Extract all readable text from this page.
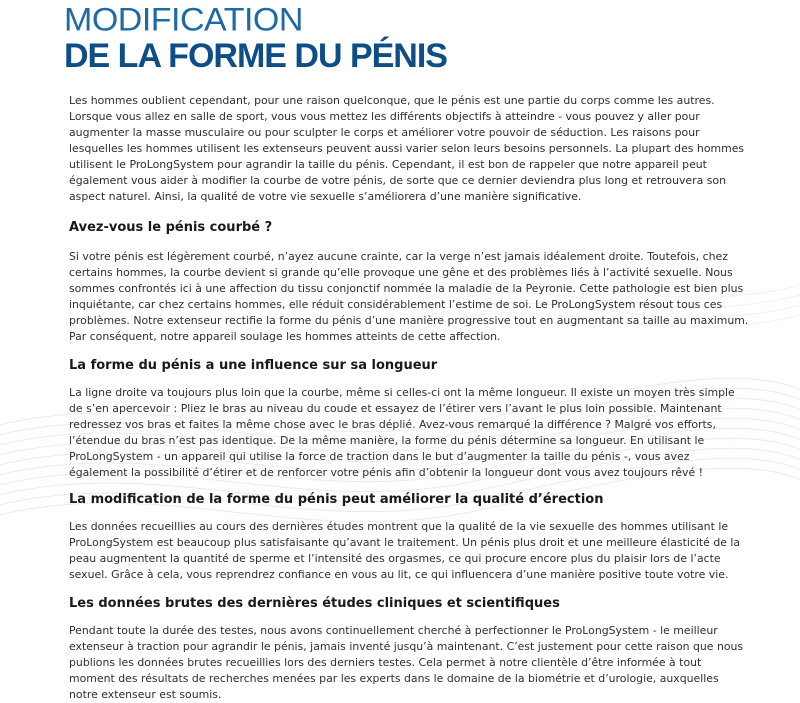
MODIFICATION
DE LA FORME DU PÉNIS

Les hommes oublient cependant, pour une raison quelconque, que le pénis est une partie du corps comme les autres. Lorsque vous allez en salle de sport, vous vous mettez les différents objectifs à atteindre - vous pouvez y aller pour augmenter la masse musculaire ou pour sculpter le corps et améliorer votre pouvoir de séduction. Les raisons pour lesquelles les hommes utilisent les extenseurs peuvent aussi varier selon leurs besoins personnels. La plupart des hommes utilisent le ProLongSystem pour agrandir la taille du pénis. Cependant, il est bon de rappeler que notre appareil peut également vous aider à modifier la courbe de votre pénis, de sorte que ce dernier deviendra plus long et retrouvera son aspect naturel. Ainsi, la qualité de votre vie sexuelle s’améliorera d’une manière significative.

Avez-vous le pénis courbé ?

Si votre pénis est légèrement courbé, n’ayez aucune crainte, car la verge n’est jamais idéalement droite. Toutefois, chez certains hommes, la courbe devient si grande qu’elle provoque une gêne et des problèmes liés à l’activité sexuelle. Nous sommes confrontés ici à une affection du tissu conjonctif nommée la maladie de la Peyronie. Cette pathologie est bien plus inquiétante, car chez certains hommes, elle réduit considérablement l’estime de soi. Le ProLongSystem résout tous ces problèmes. Notre extenseur rectifie la forme du pénis d’une manière progressive tout en augmentant sa taille au maximum. Par conséquent, notre appareil soulage les hommes atteints de cette affection.

La forme du pénis a une influence sur sa longueur

La ligne droite va toujours plus loin que la courbe, même si celles-ci ont la même longueur. Il existe un moyen très simple de s’en apercevoir : Pliez le bras au niveau du coude et essayez de l’étirer vers l’avant le plus loin possible. Maintenant redressez vos bras et faites la même chose avec le bras déplié. Avez-vous remarqué la différence ? Malgré vos efforts, l’étendue du bras n’est pas identique. De la même manière, la forme du pénis détermine sa longueur. En utilisant le ProLongSystem - un appareil qui utilise la force de traction dans le but d’augmenter la taille du pénis -, vous avez également la possibilité d’étirer et de renforcer votre pénis afin d’obtenir la longueur dont vous avez toujours rêvé !

La modification de la forme du pénis peut améliorer la qualité d’érection

Les données recueillies au cours des dernières études montrent que la qualité de la vie sexuelle des hommes utilisant le ProLongSystem est beaucoup plus satisfaisante qu’avant le traitement. Un pénis plus droit et une meilleure élasticité de la peau augmentent la quantité de sperme et l’intensité des orgasmes, ce qui procure encore plus du plaisir lors de l’acte sexuel. Grâce à cela, vous reprendrez confiance en vous au lit, ce qui influencera d’une manière positive toute votre vie.

Les données brutes des dernières études cliniques et scientifiques

Pendant toute la durée des testes, nous avons continuellement cherché à perfectionner le ProLongSystem - le meilleur extenseur à traction pour agrandir le pénis, jamais inventé jusqu’à maintenant. C’est justement pour cette raison que nous publions les données brutes recueillies lors des derniers testes. Cela permet à notre clientèle d’être informée à tout moment des résultats de recherches menées par les experts dans le domaine de la biométrie et d’urologie, auxquelles notre extenseur est soumis.
